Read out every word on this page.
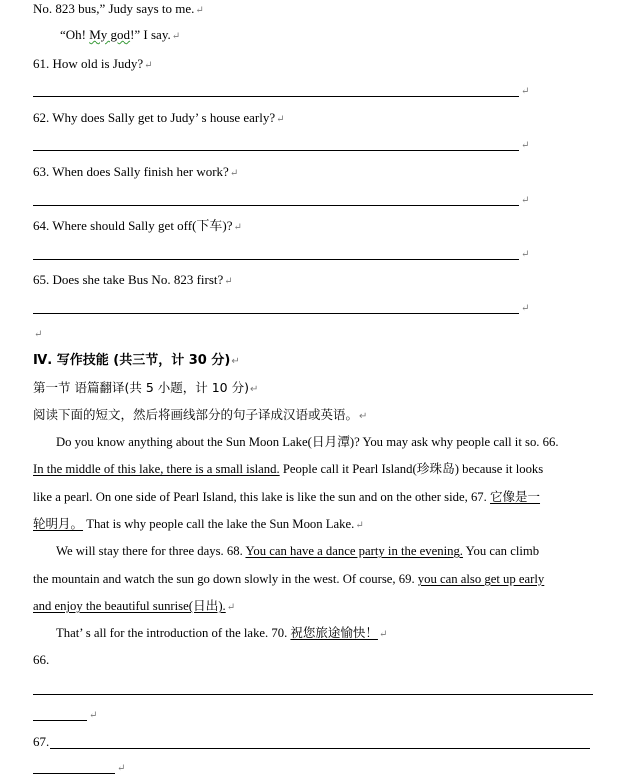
No. 823 bus,” Judy says to me.↵
“Oh! My god!” I say.↵
61. How old is Judy?↵
↵
62. Why does Sally get to Judy’ s house early?↵
↵
63. When does Sally finish her work?↵
↵
64. Where should Sally get off(下车)?↵
↵
65. Does she take Bus No. 823 first?↵
↵
↵
Ⅳ. 写作技能 (共三节，计 30 分)↵
第一节 语篇翻译(共 5 小题，计 10 分)↵
阅读下面的短文，然后将画线部分的句子译成汉语或英语。↵
Do you know anything about the Sun Moon Lake(日月潭)? You may ask why people call it so. 66.
In the middle of this lake, there is a small island. People call it Pearl Island(珍珠岛) because it looks
like a pearl. On one side of Pearl Island, this lake is like the sun and on the other side, 67. 它像是一
轮明月。 That is why people call the lake the Sun Moon Lake.↵
We will stay there for three days. 68. You can have a dance party in the evening. You can climb
the mountain and watch the sun go down slowly in the west. Of course, 69. you can also get up early
and enjoy the beautiful sunrise(日出).↵
That’ s all for the introduction of the lake. 70. 祝您旅途愉快！↵
66.
↵
67.
↵
